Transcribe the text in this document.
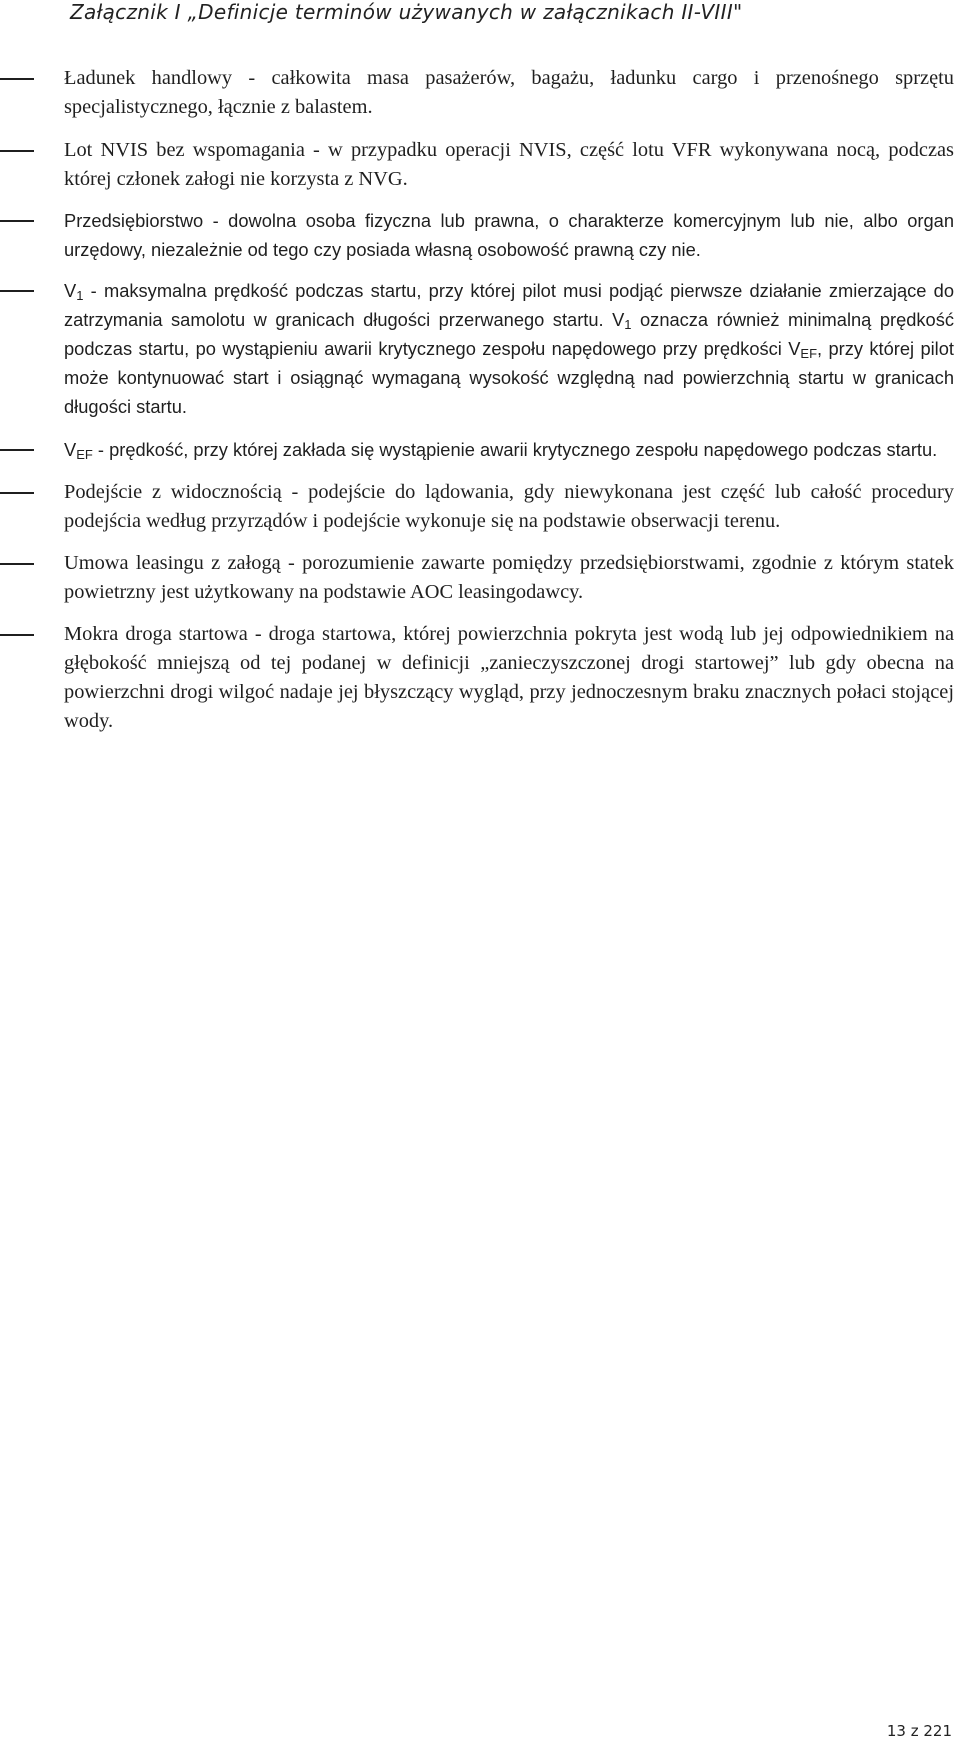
Załącznik I „Definicje terminów używanych w załącznikach II-VIII"
Ładunek handlowy - całkowita masa pasażerów, bagażu, ładunku cargo i przenośnego sprzętu specjalistycznego, łącznie z balastem.
Lot NVIS bez wspomagania - w przypadku operacji NVIS, część lotu VFR wykonywana nocą, podczas której członek załogi nie korzysta z NVG.
Przedsiębiorstwo - dowolna osoba fizyczna lub prawna, o charakterze komercyjnym lub nie, albo organ urzędowy, niezależnie od tego czy posiada własną osobowość prawną czy nie.
$V_1$ - maksymalna prędkość podczas startu, przy której pilot musi podjąć pierwsze działanie zmierzające do zatrzymania samolotu w granicach długości przerwanego startu. $V_1$ oznacza również minimalną prędkość podczas startu, po wystąpieniu awarii krytycznego zespołu napędowego przy prędkości $V_{EF}$, przy której pilot może kontynuować start i osiągnąć wymaganą wysokość względną nad powierzchnią startu w granicach długości startu.
$V_{EF}$ - prędkość, przy której zakłada się wystąpienie awarii krytycznego zespołu napędowego podczas startu.
Podejście z widocznością - podejście do lądowania, gdy niewykonana jest część lub całość procedury podejścia według przyrządów i podejście wykonuje się na podstawie obserwacji terenu.
Umowa leasingu z załogą - porozumienie zawarte pomiędzy przedsiębiorstwami, zgodnie z którym statek powietrzny jest użytkowany na podstawie AOC leasingodawcy.
Mokra droga startowa - droga startowa, której powierzchnia pokryta jest wodą lub jej odpowiednikiem na głębokość mniejszą od tej podanej w definicji „zanieczyszczonej drogi startowej” lub gdy obecna na powierzchni drogi wilgoć nadaje jej błyszczący wygląd, przy jednoczesnym braku znacznych połaci stojącej wody.
13 z 221
